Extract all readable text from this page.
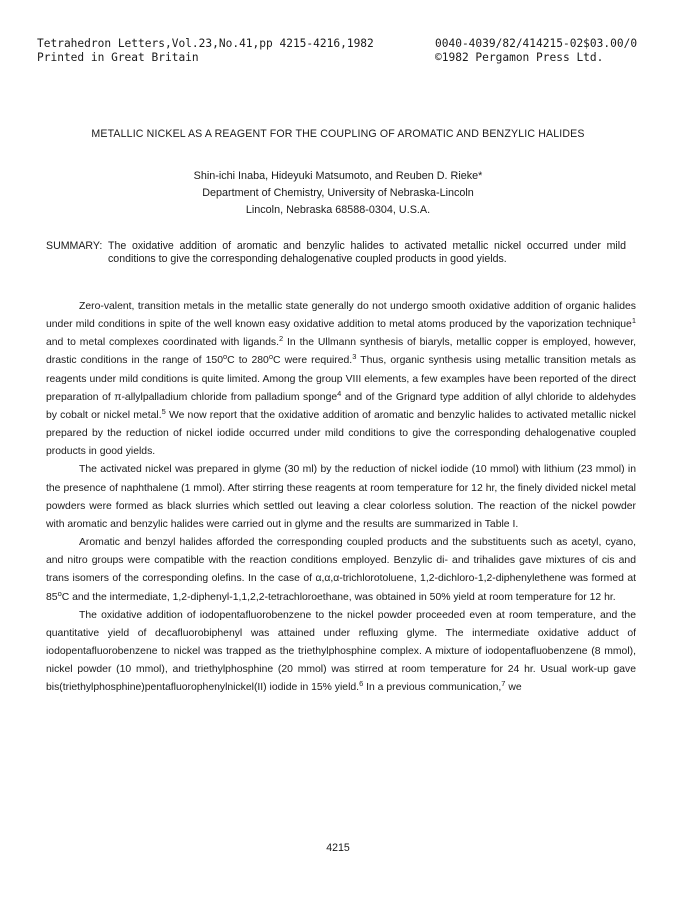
Tetrahedron Letters,Vol.23,No.41,pp 4215-4216,1982	0040-4039/82/414215-02$03.00/0
Printed in Great Britain	©1982 Pergamon Press Ltd.
METALLIC NICKEL AS A REAGENT FOR THE COUPLING OF AROMATIC AND BENZYLIC HALIDES
Shin-ichi Inaba, Hideyuki Matsumoto, and Reuben D. Rieke*
Department of Chemistry, University of Nebraska-Lincoln
Lincoln, Nebraska 68588-0304, U.S.A.
SUMMARY: The oxidative addition of aromatic and benzylic halides to activated metallic nickel occurred under mild conditions to give the corresponding dehalogenative coupled products in good yields.

Zero-valent, transition metals in the metallic state generally do not undergo smooth oxidative addition of organic halides under mild conditions in spite of the well known easy oxidative addition to metal atoms produced by the vaporization technique$^1$ and to metal complexes coordinated with ligands.$^2$ In the Ullmann synthesis of biaryls, metallic copper is employed, however, drastic conditions in the range of 150$^o$C to 280$^o$C were required.$^3$ Thus, organic synthesis using metallic transition metals as reagents under mild conditions is quite limited. Among the group VIII elements, a few examples have been reported of the direct preparation of π-allylpalladium chloride from palladium sponge$^4$ and of the Grignard type addition of allyl chloride to aldehydes by cobalt or nickel metal.$^5$ We now report that the oxidative addition of aromatic and benzylic halides to activated metallic nickel prepared by the reduction of nickel iodide occurred under mild conditions to give the corresponding dehalogenative coupled products in good yields.

The activated nickel was prepared in glyme (30 ml) by the reduction of nickel iodide (10 mmol) with lithium (23 mmol) in the presence of naphthalene (1 mmol). After stirring these reagents at room temperature for 12 hr, the finely divided nickel metal powders were formed as black slurries which settled out leaving a clear colorless solution. The reaction of the nickel powder with aromatic and benzylic halides were carried out in glyme and the results are summarized in Table I.

Aromatic and benzyl halides afforded the corresponding coupled products and the substituents such as acetyl, cyano, and nitro groups were compatible with the reaction conditions employed. Benzylic di- and trihalides gave mixtures of cis and trans isomers of the corresponding olefins. In the case of α,α,α-trichlorotoluene, 1,2-dichloro-1,2-diphenylethene was formed at 85$^o$C and the intermediate, 1,2-diphenyl-1,1,2,2-tetrachloroethane, was obtained in 50% yield at room temperature for 12 hr.

The oxidative addition of iodopentafluorobenzene to the nickel powder proceeded even at room temperature, and the quantitative yield of decafluorobiphenyl was attained under refluxing glyme. The intermediate oxidative adduct of iodopentafluorobenzene to nickel was trapped as the triethylphosphine complex. A mixture of iodopentafluobenzene (8 mmol), nickel powder (10 mmol), and triethylphosphine (20 mmol) was stirred at room temperature for 24 hr. Usual work-up gave bis(triethylphosphine)pentafluorophenylnickel(II) iodide in 15% yield.$^6$ In a previous communication,$^7$ we

4215
